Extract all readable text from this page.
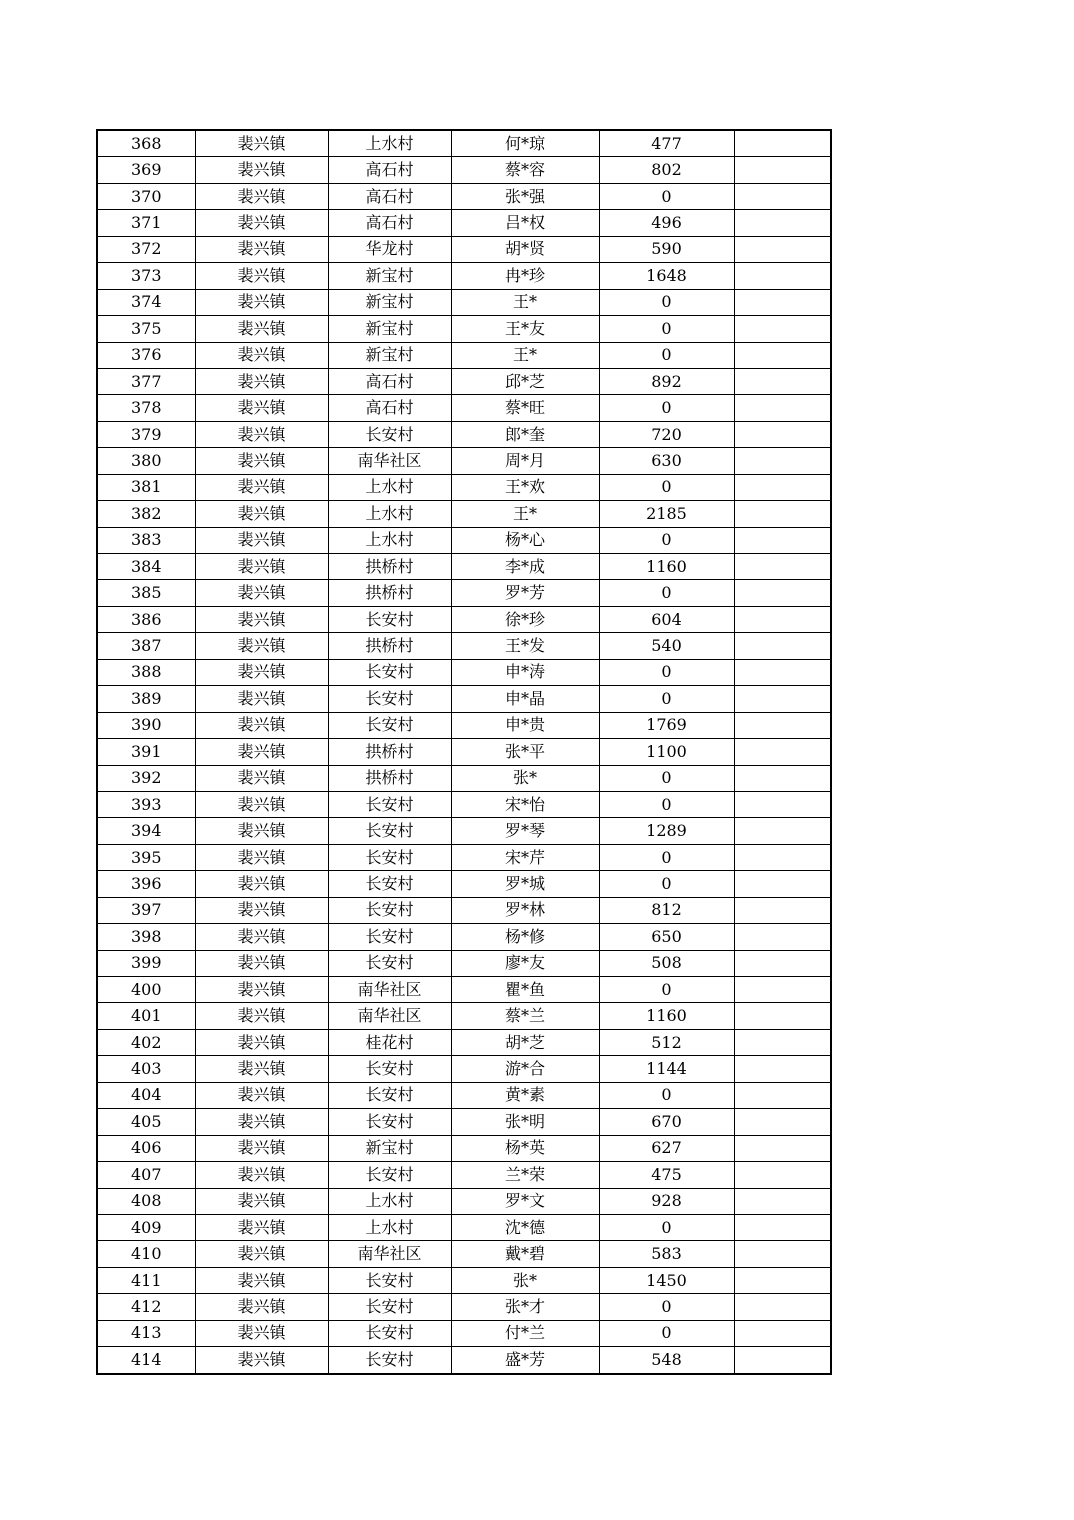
368	裴兴镇	上水村	何*琼	477	
369	裴兴镇	高石村	蔡*容	802	
370	裴兴镇	高石村	张*强	0	
371	裴兴镇	高石村	吕*权	496	
372	裴兴镇	华龙村	胡*贤	590	
373	裴兴镇	新宝村	冉*珍	1648	
374	裴兴镇	新宝村	王*	0	
375	裴兴镇	新宝村	王*友	0	
376	裴兴镇	新宝村	王*	0	
377	裴兴镇	高石村	邱*芝	892	
378	裴兴镇	高石村	蔡*旺	0	
379	裴兴镇	长安村	郎*奎	720	
380	裴兴镇	南华社区	周*月	630	
381	裴兴镇	上水村	王*欢	0	
382	裴兴镇	上水村	王*	2185	
383	裴兴镇	上水村	杨*心	0	
384	裴兴镇	拱桥村	李*成	1160	
385	裴兴镇	拱桥村	罗*芳	0	
386	裴兴镇	长安村	徐*珍	604	
387	裴兴镇	拱桥村	王*发	540	
388	裴兴镇	长安村	申*涛	0	
389	裴兴镇	长安村	申*晶	0	
390	裴兴镇	长安村	申*贵	1769	
391	裴兴镇	拱桥村	张*平	1100	
392	裴兴镇	拱桥村	张*	0	
393	裴兴镇	长安村	宋*怡	0	
394	裴兴镇	长安村	罗*琴	1289	
395	裴兴镇	长安村	宋*芹	0	
396	裴兴镇	长安村	罗*城	0	
397	裴兴镇	长安村	罗*林	812	
398	裴兴镇	长安村	杨*修	650	
399	裴兴镇	长安村	廖*友	508	
400	裴兴镇	南华社区	瞿*鱼	0	
401	裴兴镇	南华社区	蔡*兰	1160	
402	裴兴镇	桂花村	胡*芝	512	
403	裴兴镇	长安村	游*合	1144	
404	裴兴镇	长安村	黄*素	0	
405	裴兴镇	长安村	张*明	670	
406	裴兴镇	新宝村	杨*英	627	
407	裴兴镇	长安村	兰*荣	475	
408	裴兴镇	上水村	罗*文	928	
409	裴兴镇	上水村	沈*德	0	
410	裴兴镇	南华社区	戴*碧	583	
411	裴兴镇	长安村	张*	1450	
412	裴兴镇	长安村	张*才	0	
413	裴兴镇	长安村	付*兰	0	
414	裴兴镇	长安村	盛*芳	548	
